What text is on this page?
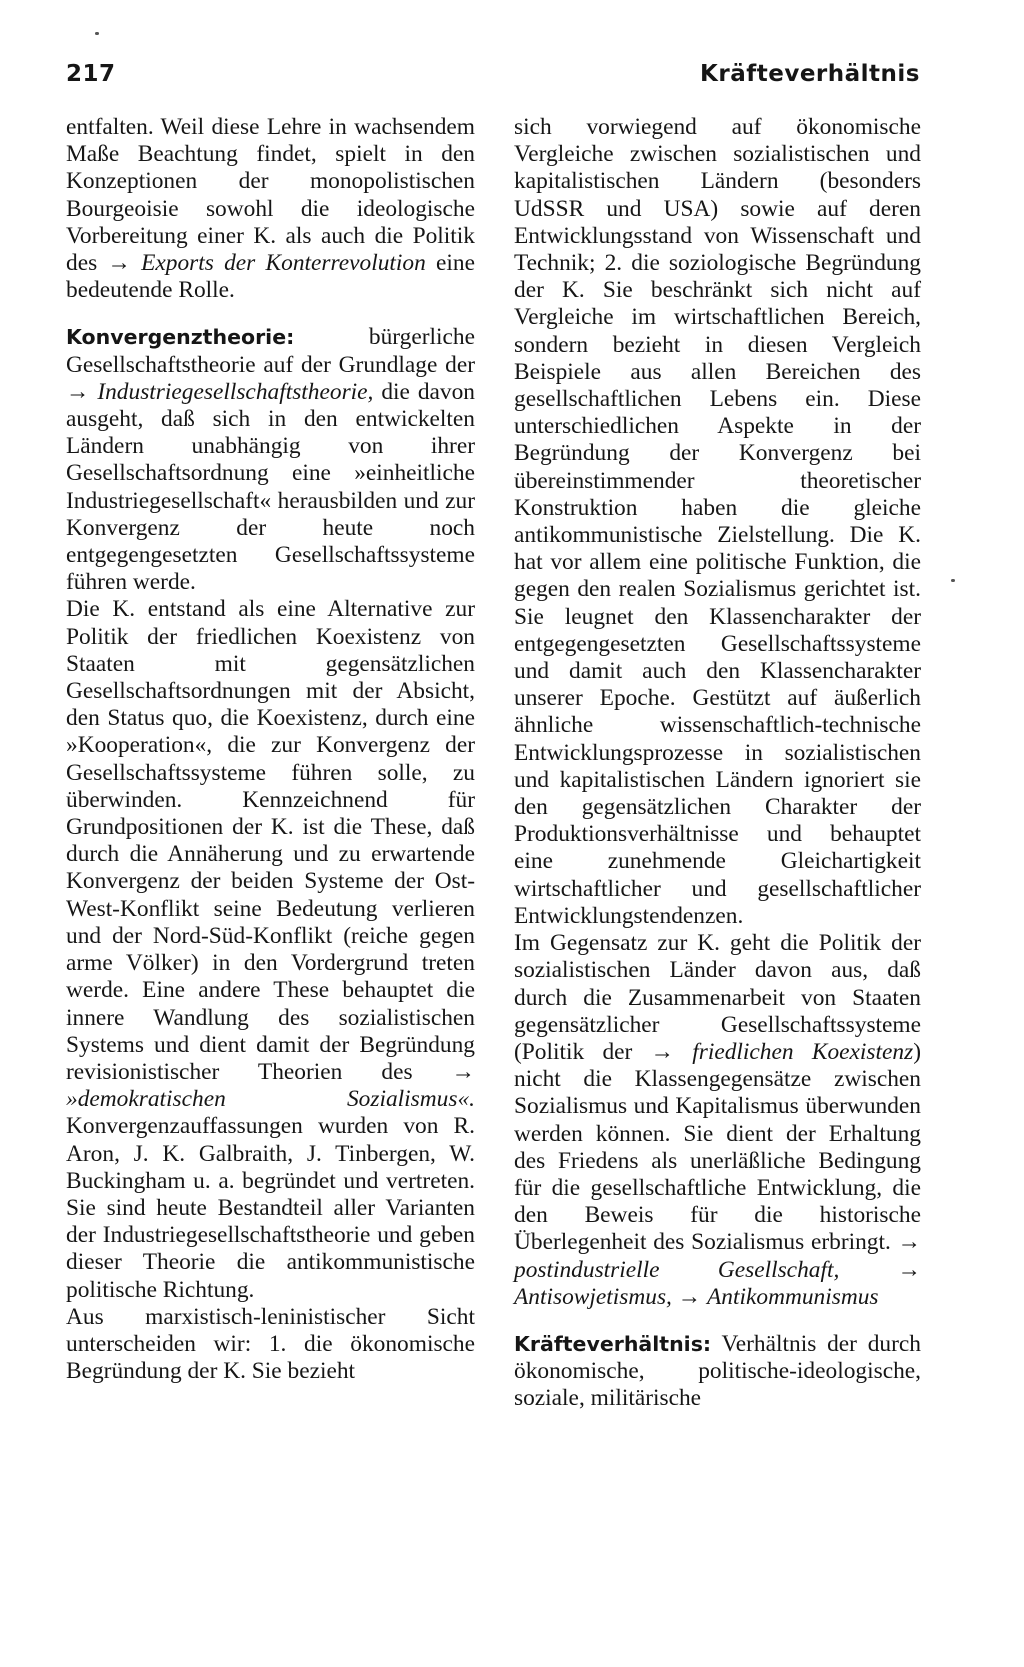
217	Kräfteverhältnis

entfalten. Weil diese Lehre in wachsendem Maße Beachtung findet, spielt in den Konzeptionen der monopolistischen Bourgeoisie sowohl die ideologische Vorbereitung einer K. als auch die Politik des → Exports der Konterrevolution eine bedeutende Rolle.

Konvergenztheorie: bürgerliche Gesellschaftstheorie auf der Grundlage der → Industriegesellschaftstheorie, die davon ausgeht, daß sich in den entwickelten Ländern unabhängig von ihrer Gesellschaftsordnung eine »einheitliche Industriegesellschaft« herausbilden und zur Konvergenz der heute noch entgegengesetzten Gesellschaftssysteme führen werde.

Die K. entstand als eine Alternative zur Politik der friedlichen Koexistenz von Staaten mit gegensätzlichen Gesellschaftsordnungen mit der Absicht, den Status quo, die Koexistenz, durch eine »Kooperation«, die zur Konvergenz der Gesellschaftssysteme führen solle, zu überwinden. Kennzeichnend für Grundpositionen der K. ist die These, daß durch die Annäherung und zu erwartende Konvergenz der beiden Systeme der Ost-West-Konflikt seine Bedeutung verlieren und der Nord-Süd-Konflikt (reiche gegen arme Völker) in den Vordergrund treten werde. Eine andere These behauptet die innere Wandlung des sozialistischen Systems und dient damit der Begründung revisionistischer Theorien des → »demokratischen Sozialismus«. Konvergenzauffassungen wurden von R. Aron, J. K. Galbraith, J. Tinbergen, W. Buckingham u. a. begründet und vertreten. Sie sind heute Bestandteil aller Varianten der Industriegesellschaftstheorie und geben dieser Theorie die antikommunistische politische Richtung.

Aus marxistisch-leninistischer Sicht unterscheiden wir: 1. die ökonomische Begründung der K. Sie bezieht

sich vorwiegend auf ökonomische Vergleiche zwischen sozialistischen und kapitalistischen Ländern (besonders UdSSR und USA) sowie auf deren Entwicklungsstand von Wissenschaft und Technik; 2. die soziologische Begründung der K. Sie beschränkt sich nicht auf Vergleiche im wirtschaftlichen Bereich, sondern bezieht in diesen Vergleich Beispiele aus allen Bereichen des gesellschaftlichen Lebens ein. Diese unterschiedlichen Aspekte in der Begründung der Konvergenz bei übereinstimmender theoretischer Konstruktion haben die gleiche antikommunistische Zielstellung. Die K. hat vor allem eine politische Funktion, die gegen den realen Sozialismus gerichtet ist. Sie leugnet den Klassencharakter der entgegengesetzten Gesellschaftssysteme und damit auch den Klassencharakter unserer Epoche. Gestützt auf äußerlich ähnliche wissenschaftlich-technische Entwicklungsprozesse in sozialistischen und kapitalistischen Ländern ignoriert sie den gegensätzlichen Charakter der Produktionsverhältnisse und behauptet eine zunehmende Gleichartigkeit wirtschaftlicher und gesellschaftlicher Entwicklungstendenzen.

Im Gegensatz zur K. geht die Politik der sozialistischen Länder davon aus, daß durch die Zusammenarbeit von Staaten gegensätzlicher Gesellschaftssysteme (Politik der → friedlichen Koexistenz) nicht die Klassengegensätze zwischen Sozialismus und Kapitalismus überwunden werden können. Sie dient der Erhaltung des Friedens als unerläßliche Bedingung für die gesellschaftliche Entwicklung, die den Beweis für die historische Überlegenheit des Sozialismus erbringt. → postindustrielle Gesellschaft, → Antisowjetismus, → Antikommunismus

Kräfteverhältnis: Verhältnis der durch ökonomische, politische-ideologische, soziale, militärische
